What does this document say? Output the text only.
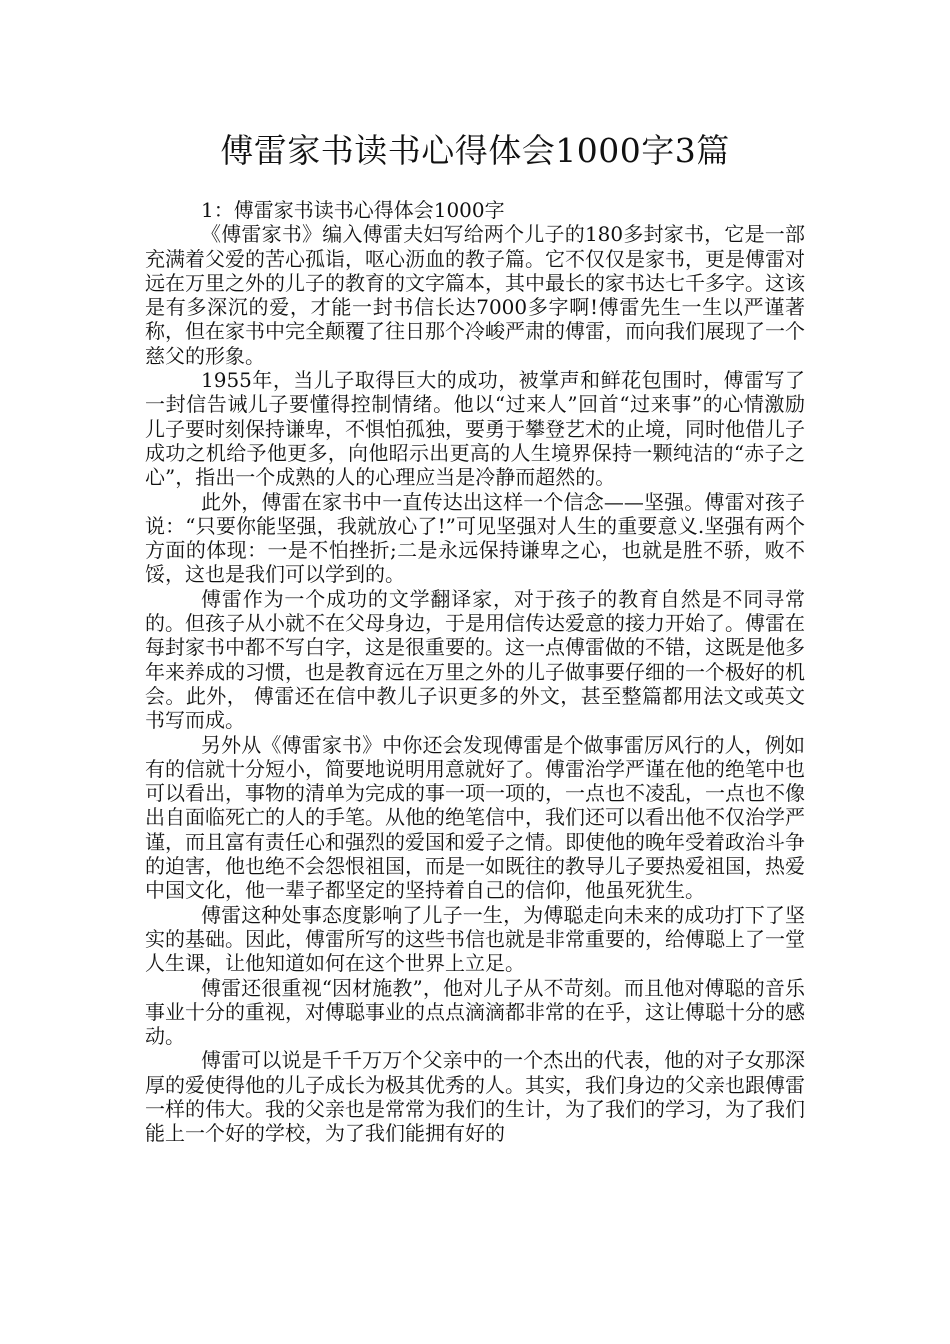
傅雷家书读书心得体会1000字3篇

1：傅雷家书读书心得体会1000字

《傅雷家书》编入傅雷夫妇写给两个儿子的180多封家书，它是一部充满着父爱的苦心孤诣，呕心沥血的教子篇。它不仅仅是家书，更是傅雷对远在万里之外的儿子的教育的文字篇本，其中最长的家书达七千多字。这该是有多深沉的爱，才能一封书信长达7000多字啊!傅雷先生一生以严谨著称，但在家书中完全颠覆了往日那个冷峻严肃的傅雷，而向我们展现了一个慈父的形象。

1955年，当儿子取得巨大的成功，被掌声和鲜花包围时，傅雷写了一封信告诫儿子要懂得控制情绪。他以“过来人”回首“过来事”的心情激励儿子要时刻保持谦卑，不惧怕孤独，要勇于攀登艺术的止境，同时他借儿子成功之机给予他更多，向他昭示出更高的人生境界保持一颗纯洁的“赤子之心”，指出一个成熟的人的心理应当是冷静而超然的。

此外，傅雷在家书中一直传达出这样一个信念——坚强。傅雷对孩子说：“只要你能坚强，我就放心了!”可见坚强对人生的重要意义.坚强有两个方面的体现：一是不怕挫折;二是永远保持谦卑之心，也就是胜不骄，败不馁，这也是我们可以学到的。

傅雷作为一个成功的文学翻译家，对于孩子的教育自然是不同寻常的。但孩子从小就不在父母身边，于是用信传达爱意的接力开始了。傅雷在每封家书中都不写白字，这是很重要的。这一点傅雷做的不错，这既是他多年来养成的习惯，也是教育远在万里之外的儿子做事要仔细的一个极好的机会。此外， 傅雷还在信中教儿子识更多的外文，甚至整篇都用法文或英文书写而成。

另外从《傅雷家书》中你还会发现傅雷是个做事雷厉风行的人，例如有的信就十分短小，简要地说明用意就好了。傅雷治学严谨在他的绝笔中也可以看出，事物的清单为完成的事一项一项的，一点也不凌乱，一点也不像出自面临死亡的人的手笔。从他的绝笔信中，我们还可以看出他不仅治学严谨，而且富有责任心和强烈的爱国和爱子之情。即使他的晚年受着政治斗争的迫害，他也绝不会怨恨祖国，而是一如既往的教导儿子要热爱祖国，热爱中国文化，他一辈子都坚定的坚持着自己的信仰，他虽死犹生。

傅雷这种处事态度影响了儿子一生，为傅聪走向未来的成功打下了坚实的基础。因此，傅雷所写的这些书信也就是非常重要的，给傅聪上了一堂人生课，让他知道如何在这个世界上立足。

傅雷还很重视“因材施教”，他对儿子从不苛刻。而且他对傅聪的音乐事业十分的重视，对傅聪事业的点点滴滴都非常的在乎，这让傅聪十分的感动。

傅雷可以说是千千万万个父亲中的一个杰出的代表，他的对子女那深厚的爱使得他的儿子成长为极其优秀的人。其实，我们身边的父亲也跟傅雷一样的伟大。我的父亲也是常常为我们的生计，为了我们的学习，为了我们能上一个好的学校，为了我们能拥有好的
